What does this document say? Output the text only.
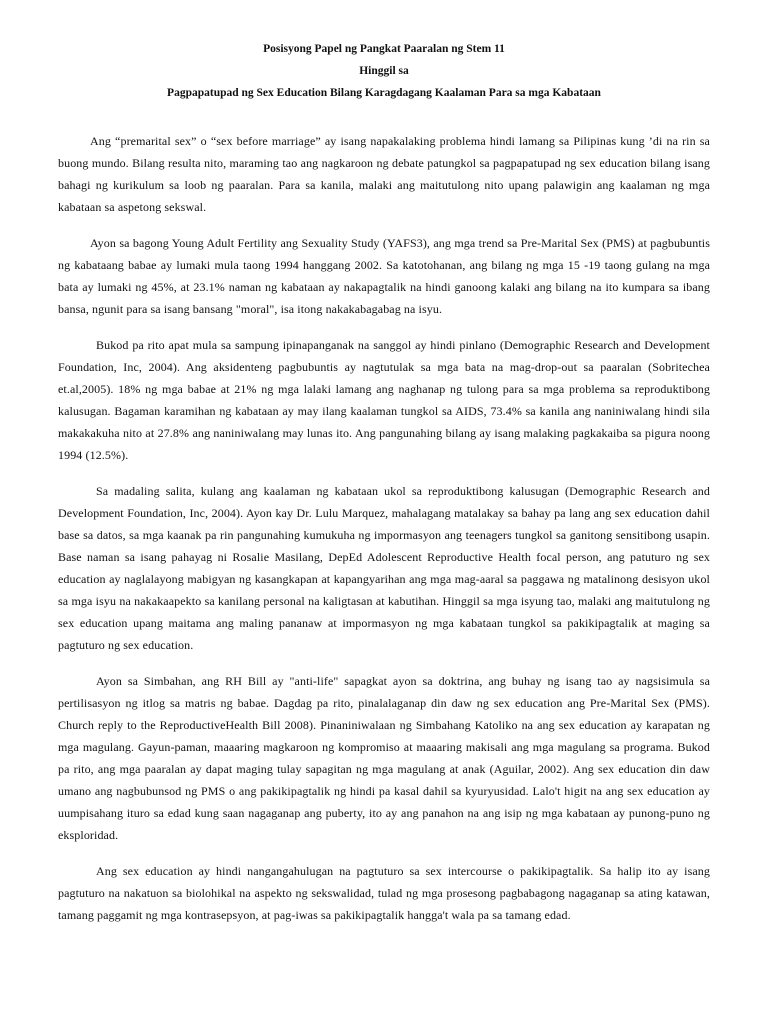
Posisyong Papel ng Pangkat Paaralan ng Stem 11
Hinggil sa
Pagpapatupad ng Sex Education Bilang Karagdagang Kaalaman Para sa mga Kabataan

Ang “premarital sex” o “sex before marriage” ay isang napakalaking problema hindi lamang sa Pilipinas kung ’di na rin sa buong mundo. Bilang resulta nito, maraming tao ang nagkaroon ng debate patungkol sa pagpapatupad ng sex education bilang isang bahagi ng kurikulum sa loob ng paaralan. Para sa kanila, malaki ang maitutulong nito upang palawigin ang kaalaman ng mga kabataan sa aspetong sekswal.

Ayon sa bagong Young Adult Fertility ang Sexuality Study (YAFS3), ang mga trend sa Pre-Marital Sex (PMS) at pagbubuntis ng kabataang babae ay lumaki mula taong 1994 hanggang 2002. Sa katotohanan, ang bilang ng mga 15 -19 taong gulang na mga bata ay lumaki ng 45%, at 23.1% naman ng kabataan ay nakapagtalik na hindi ganoong kalaki ang bilang na ito kumpara sa ibang bansa, ngunit para sa isang bansang "moral", isa itong nakakabagabag na isyu.

Bukod pa rito apat mula sa sampung ipinapanganak na sanggol ay hindi pinlano (Demographic Research and Development Foundation, Inc, 2004). Ang aksidenteng pagbubuntis ay nagtutulak sa mga bata na mag-drop-out sa paaralan (Sobritechea et.al,2005). 18% ng mga babae at 21% ng mga lalaki lamang ang naghanap ng tulong para sa mga problema sa reproduktibong kalusugan. Bagaman karamihan ng kabataan ay may ilang kaalaman tungkol sa AIDS, 73.4% sa kanila ang naniniwalang hindi sila makakakuha nito at 27.8% ang naniniwalang may lunas ito. Ang pangunahing bilang ay isang malaking pagkakaiba sa pigura noong 1994 (12.5%).

Sa madaling salita, kulang ang kaalaman ng kabataan ukol sa reproduktibong kalusugan (Demographic Research and Development Foundation, Inc, 2004). Ayon kay Dr. Lulu Marquez, mahalagang matalakay sa bahay pa lang ang sex education dahil base sa datos, sa mga kaanak pa rin pangunahing kumukuha ng impormasyon ang teenagers tungkol sa ganitong sensitibong usapin. Base naman sa isang pahayag ni Rosalie Masilang, DepEd Adolescent Reproductive Health focal person, ang patuturo ng sex education ay naglalayong mabigyan ng kasangkapan at kapangyarihan ang mga mag-aaral sa paggawa ng matalinong desisyon ukol sa mga isyu na nakakaapekto sa kanilang personal na kaligtasan at kabutihan. Hinggil sa mga isyung tao, malaki ang maitutulong ng sex education upang maitama ang maling pananaw at impormasyon ng mga kabataan tungkol sa pakikipagtalik at maging sa pagtuturo ng sex education.

Ayon sa Simbahan, ang RH Bill ay "anti-life" sapagkat ayon sa doktrina, ang buhay ng isang tao ay nagsisimula sa pertilisasyon ng itlog sa matris ng babae. Dagdag pa rito, pinalalaganap din daw ng sex education ang Pre-Marital Sex (PMS). Church reply to the ReproductiveHealth Bill 2008). Pinaniniwalaan ng Simbahang Katoliko na ang sex education ay karapatan ng mga magulang. Gayun-paman, maaaring magkaroon ng kompromiso at maaaring makisali ang mga magulang sa programa. Bukod pa rito, ang mga paaralan ay dapat maging tulay sapagitan ng mga magulang at anak (Aguilar, 2002). Ang sex education din daw umano ang nagbubunsod ng PMS o ang pakikipagtalik ng hindi pa kasal dahil sa kyuryusidad. Lalo't higit na ang sex education ay uumpisahang ituro sa edad kung saan nagaganap ang puberty, ito ay ang panahon na ang isip ng mga kabataan ay punong-puno ng eksploridad.

Ang sex education ay hindi nangangahulugan na pagtuturo sa sex intercourse o pakikipagtalik. Sa halip ito ay isang pagtuturo na nakatuon sa biolohikal na aspekto ng sekswalidad, tulad ng mga prosesong pagbabagong nagaganap sa ating katawan, tamang paggamit ng mga kontrasepsyon, at pag-iwas sa pakikipagtalik hangga't wala pa sa tamang edad.
